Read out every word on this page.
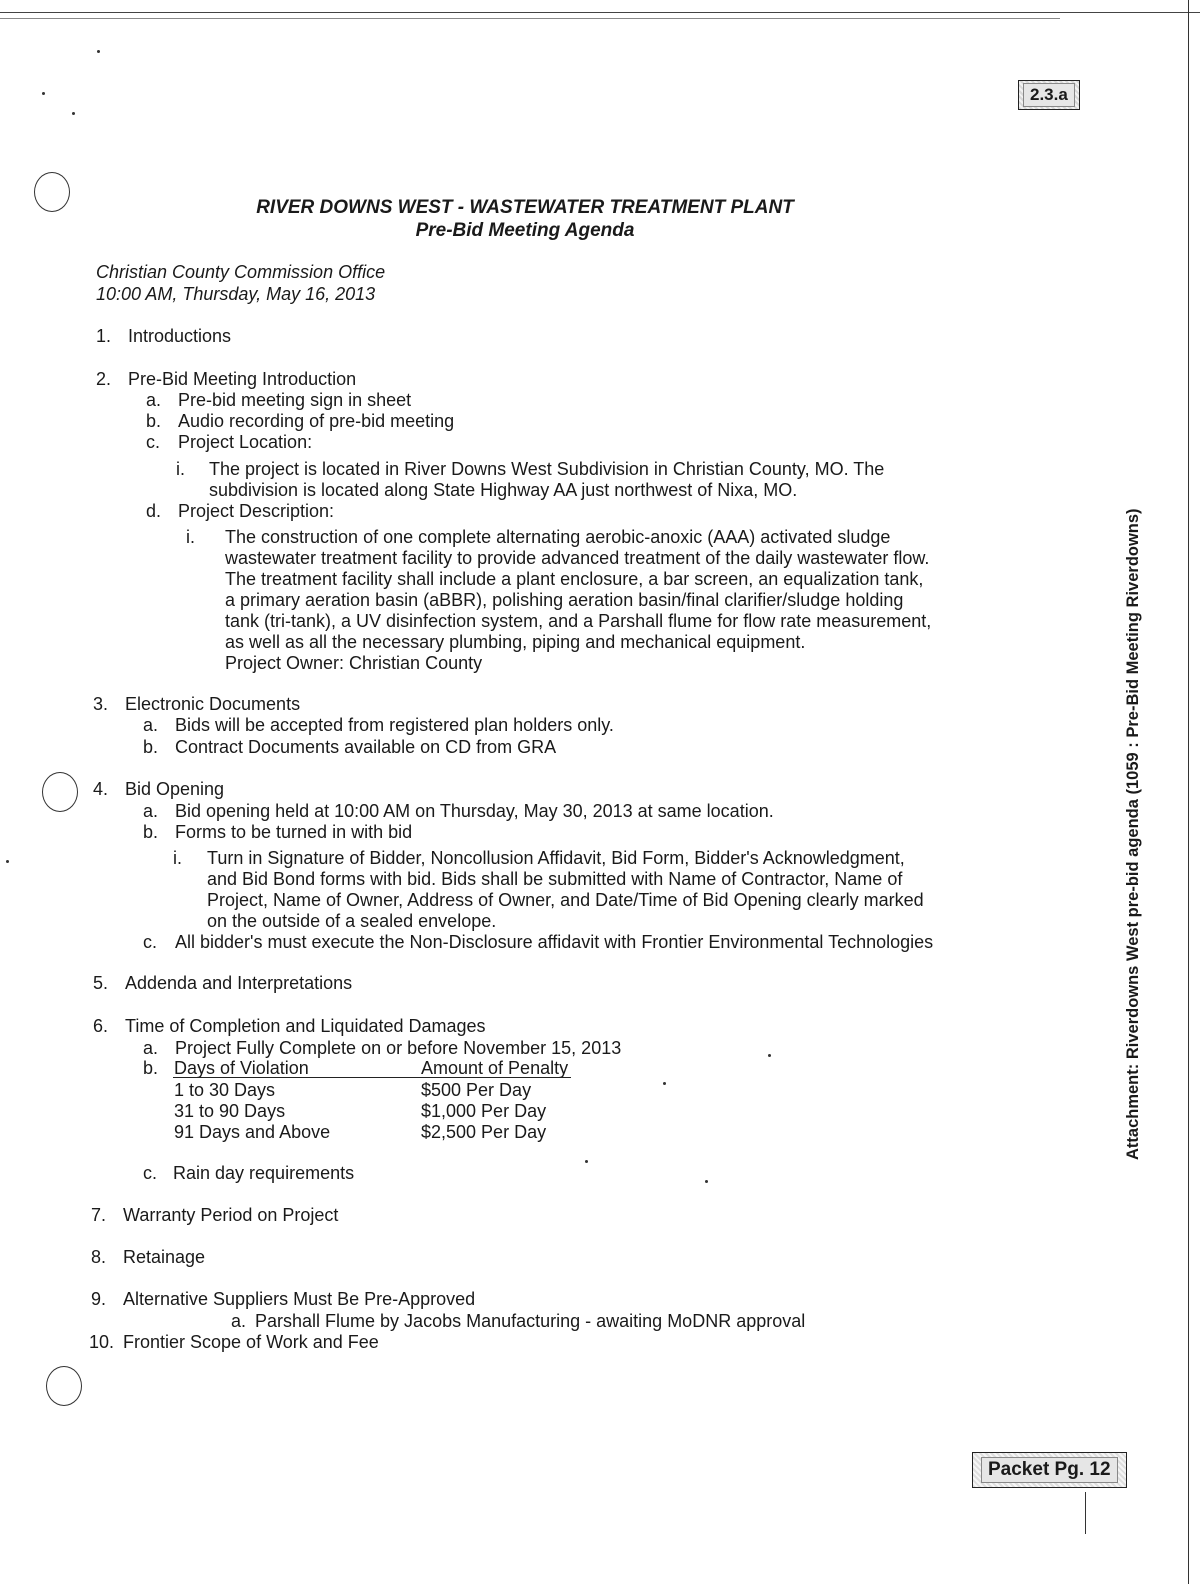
2.3.a
Packet Pg. 12
Attachment: Riverdowns West pre-bid agenda (1059 : Pre-Bid Meeting Riverdowns)
RIVER DOWNS WEST - WASTEWATER TREATMENT PLANT
Pre-Bid Meeting Agenda
Christian County Commission Office
10:00 AM, Thursday, May 16, 2013
1. Introductions
2. Pre-Bid Meeting Introduction
a. Pre-bid meeting sign in sheet
b. Audio recording of pre-bid meeting
c. Project Location:
i. The project is located in River Downs West Subdivision in Christian County, MO. The
subdivision is located along State Highway AA just northwest of Nixa, MO.
d. Project Description:
i. The construction of one complete alternating aerobic-anoxic (AAA) activated sludge
wastewater treatment facility to provide advanced treatment of the daily wastewater flow.
The treatment facility shall include a plant enclosure, a bar screen, an equalization tank,
a primary aeration basin (aBBR), polishing aeration basin/final clarifier/sludge holding
tank (tri-tank), a UV disinfection system, and a Parshall flume for flow rate measurement,
as well as all the necessary plumbing, piping and mechanical equipment.
Project Owner: Christian County
3. Electronic Documents
a. Bids will be accepted from registered plan holders only.
b. Contract Documents available on CD from GRA
4. Bid Opening
a. Bid opening held at 10:00 AM on Thursday, May 30, 2013 at same location.
b. Forms to be turned in with bid
i. Turn in Signature of Bidder, Noncollusion Affidavit, Bid Form, Bidder's Acknowledgment,
and Bid Bond forms with bid. Bids shall be submitted with Name of Contractor, Name of
Project, Name of Owner, Address of Owner, and Date/Time of Bid Opening clearly marked
on the outside of a sealed envelope.
c. All bidder's must execute the Non-Disclosure affidavit with Frontier Environmental Technologies
5. Addenda and Interpretations
6. Time of Completion and Liquidated Damages
a. Project Fully Complete on or before November 15, 2013
b. Days of Violation	Amount of Penalty
1 to 30 Days	$500 Per Day
31 to 90 Days	$1,000 Per Day
91 Days and Above	$2,500 Per Day
c. Rain day requirements
7. Warranty Period on Project
8. Retainage
9. Alternative Suppliers Must Be Pre-Approved
a. Parshall Flume by Jacobs Manufacturing - awaiting MoDNR approval
10. Frontier Scope of Work and Fee
